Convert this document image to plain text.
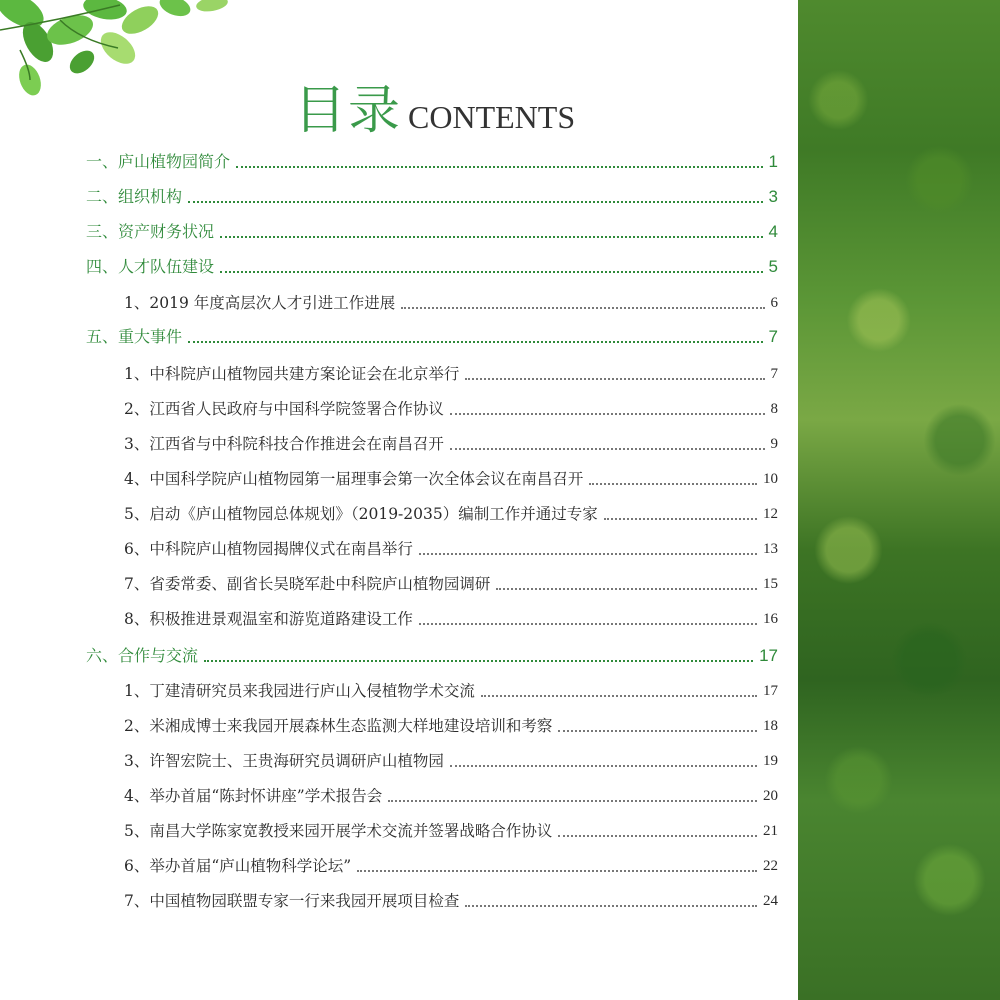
目录 CONTENTS
一、庐山植物园简介	1
二、组织机构	3
三、资产财务状况	4
四、人才队伍建设	5
1、2019 年度高层次人才引进工作进展	6
五、重大事件	7
1、中科院庐山植物园共建方案论证会在北京举行	7
2、江西省人民政府与中国科学院签署合作协议	8
3、江西省与中科院科技合作推进会在南昌召开	9
4、中国科学院庐山植物园第一届理事会第一次全体会议在南昌召开	10
5、启动《庐山植物园总体规划》（2019-2035）编制工作并通过专家	12
6、中科院庐山植物园揭牌仪式在南昌举行	13
7、省委常委、副省长吴晓军赴中科院庐山植物园调研	15
8、积极推进景观温室和游览道路建设工作	16
六、合作与交流	17
1、丁建清研究员来我园进行庐山入侵植物学术交流	17
2、米湘成博士来我园开展森林生态监测大样地建设培训和考察	18
3、许智宏院士、王贵海研究员调研庐山植物园	19
4、举办首届“陈封怀讲座”学术报告会	20
5、南昌大学陈家宽教授来园开展学术交流并签署战略合作协议	21
6、举办首届“庐山植物科学论坛”	22
7、中国植物园联盟专家一行来我园开展项目检查	24
